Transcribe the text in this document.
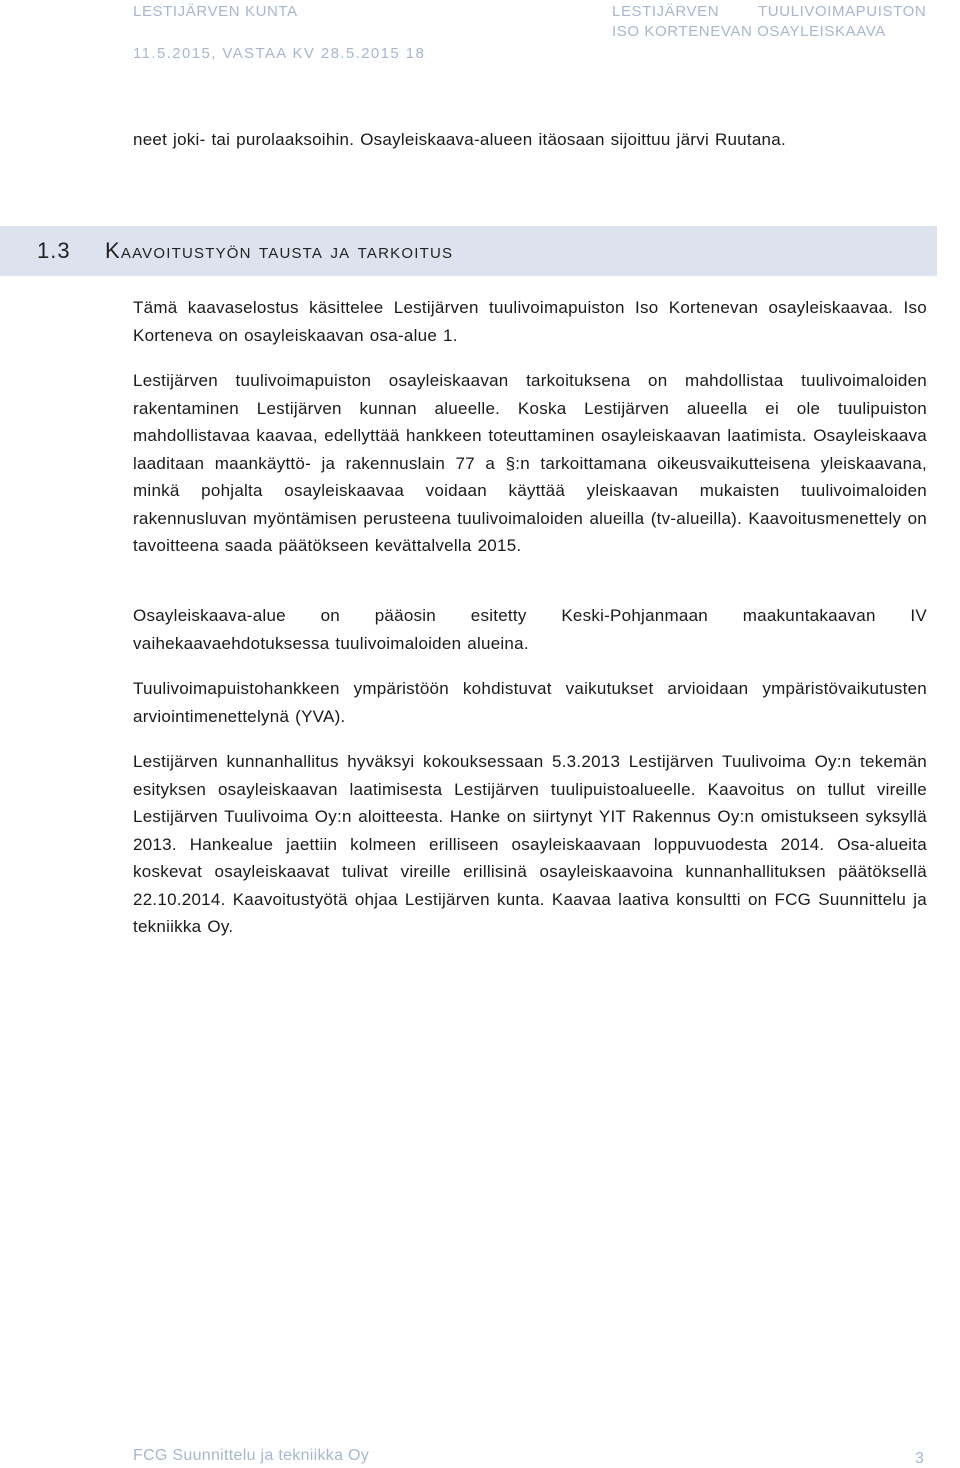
LESTIJÄRVEN KUNTA
11.5.2015, VASTAA KV 28.5.2015 18
LESTIJÄRVEN	TUULIVOIMAPUISTON
ISO KORTENEVAN OSAYLEISKAAVA

neet joki- tai purolaaksoihin. Osayleiskaava-alueen itäosaan sijoittuu järvi Ruutana.

1.3 Kaavoitustyön tausta ja tarkoitus

Tämä kaavaselostus käsittelee Lestijärven tuulivoimapuiston Iso Kortenevan osayleiskaavaa. Iso Korteneva on osayleiskaavan osa-alue 1.

Lestijärven tuulivoimapuiston osayleiskaavan tarkoituksena on mahdollistaa tuulivoimaloiden rakentaminen Lestijärven kunnan alueelle. Koska Lestijärven alueella ei ole tuulipuiston mahdollistavaa kaavaa, edellyttää hankkeen toteuttaminen osayleiskaavan laatimista. Osayleiskaava laaditaan maankäyttö- ja rakennuslain 77 a §:n tarkoittamana oikeusvaikutteisena yleiskaavana, minkä pohjalta osayleiskaavaa voidaan käyttää yleiskaavan mukaisten tuulivoimaloiden rakennusluvan myöntämisen perusteena tuulivoimaloiden alueilla (tv-alueilla). Kaavoitusmenettely on tavoitteena saada päätökseen kevättalvella 2015.

Osayleiskaava-alue on pääosin esitetty Keski-Pohjanmaan maakuntakaavan IV vaihekaavaehdotuksessa tuulivoimaloiden alueina.

Tuulivoimapuistohankkeen ympäristöön kohdistuvat vaikutukset arvioidaan ympäristövaikutusten arviointimenettelynä (YVA).

Lestijärven kunnanhallitus hyväksyi kokouksessaan 5.3.2013 Lestijärven Tuulivoima Oy:n tekemän esityksen osayleiskaavan laatimisesta Lestijärven tuulipuistoalueelle. Kaavoitus on tullut vireille Lestijärven Tuulivoima Oy:n aloitteesta. Hanke on siirtynyt YIT Rakennus Oy:n omistukseen syksyllä 2013. Hankealue jaettiin kolmeen erilliseen osayleiskaavaan loppuvuodesta 2014. Osa-alueita koskevat osayleiskaavat tulivat vireille erillisinä osayleiskaavoina kunnanhallituksen päätöksellä 22.10.2014. Kaavoitustyötä ohjaa Lestijärven kunta. Kaavaa laativa konsultti on FCG Suunnittelu ja tekniikka Oy.

FCG Suunnittelu ja tekniikka Oy	3
